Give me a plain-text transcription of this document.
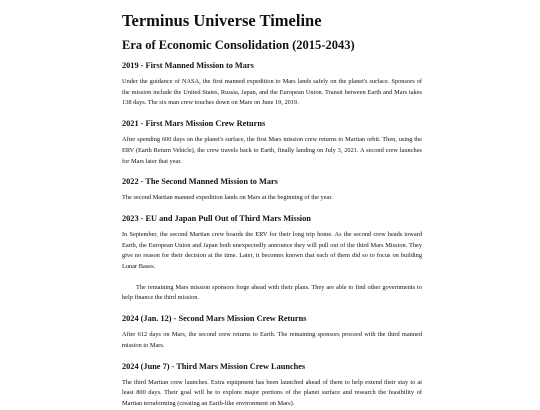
Terminus Universe Timeline
Era of Economic Consolidation (2015-2043)
2019 - First Manned Mission to Mars

Under the guidance of NASA, the first manned expedition to Mars lands safely on the planet's surface. Sponsors of the mission include the United States, Russia, Japan, and the European Union. Transit between Earth and Mars takes 138 days. The six man crew touches down on Mars on June 19, 2019.

2021 - First Mars Mission Crew Returns

After spending 600 days on the planet's surface, the first Mars mission crew returns to Martian orbit. Then, using the ERV (Earth Return Vehicle), the crew travels back to Earth, finally landing on July 3, 2021. A second crew launches for Mars later that year.

2022 - The Second Manned Mission to Mars

The second Martian manned expedition lands on Mars at the beginning of the year.

2023 - EU and Japan Pull Out of Third Mars Mission

In September, the second Martian crew boards the ERV for their long trip home. As the second crew heads toward Earth, the European Union and Japan both unexpectedly announce they will pull out of the third Mars Mission. They give no reason for their decision at the time. Later, it becomes known that each of them did so to focus on building Lunar Bases.

The remaining Mars mission sponsors forge ahead with their plans. They are able to find other governments to help finance the third mission.

2024 (Jan. 12) - Second Mars Mission Crew Returns

After 612 days on Mars, the second crew returns to Earth. The remaining sponsors proceed with the third manned mission to Mars.

2024 (June 7) - Third Mars Mission Crew Launches

The third Martian crew launches. Extra equipment has been launched ahead of them to help extend their stay to at least 800 days. Their goal will be to explore major portions of the planet surface and research the feasibility of Martian terraforming (creating an Earth-like environment on Mars).
